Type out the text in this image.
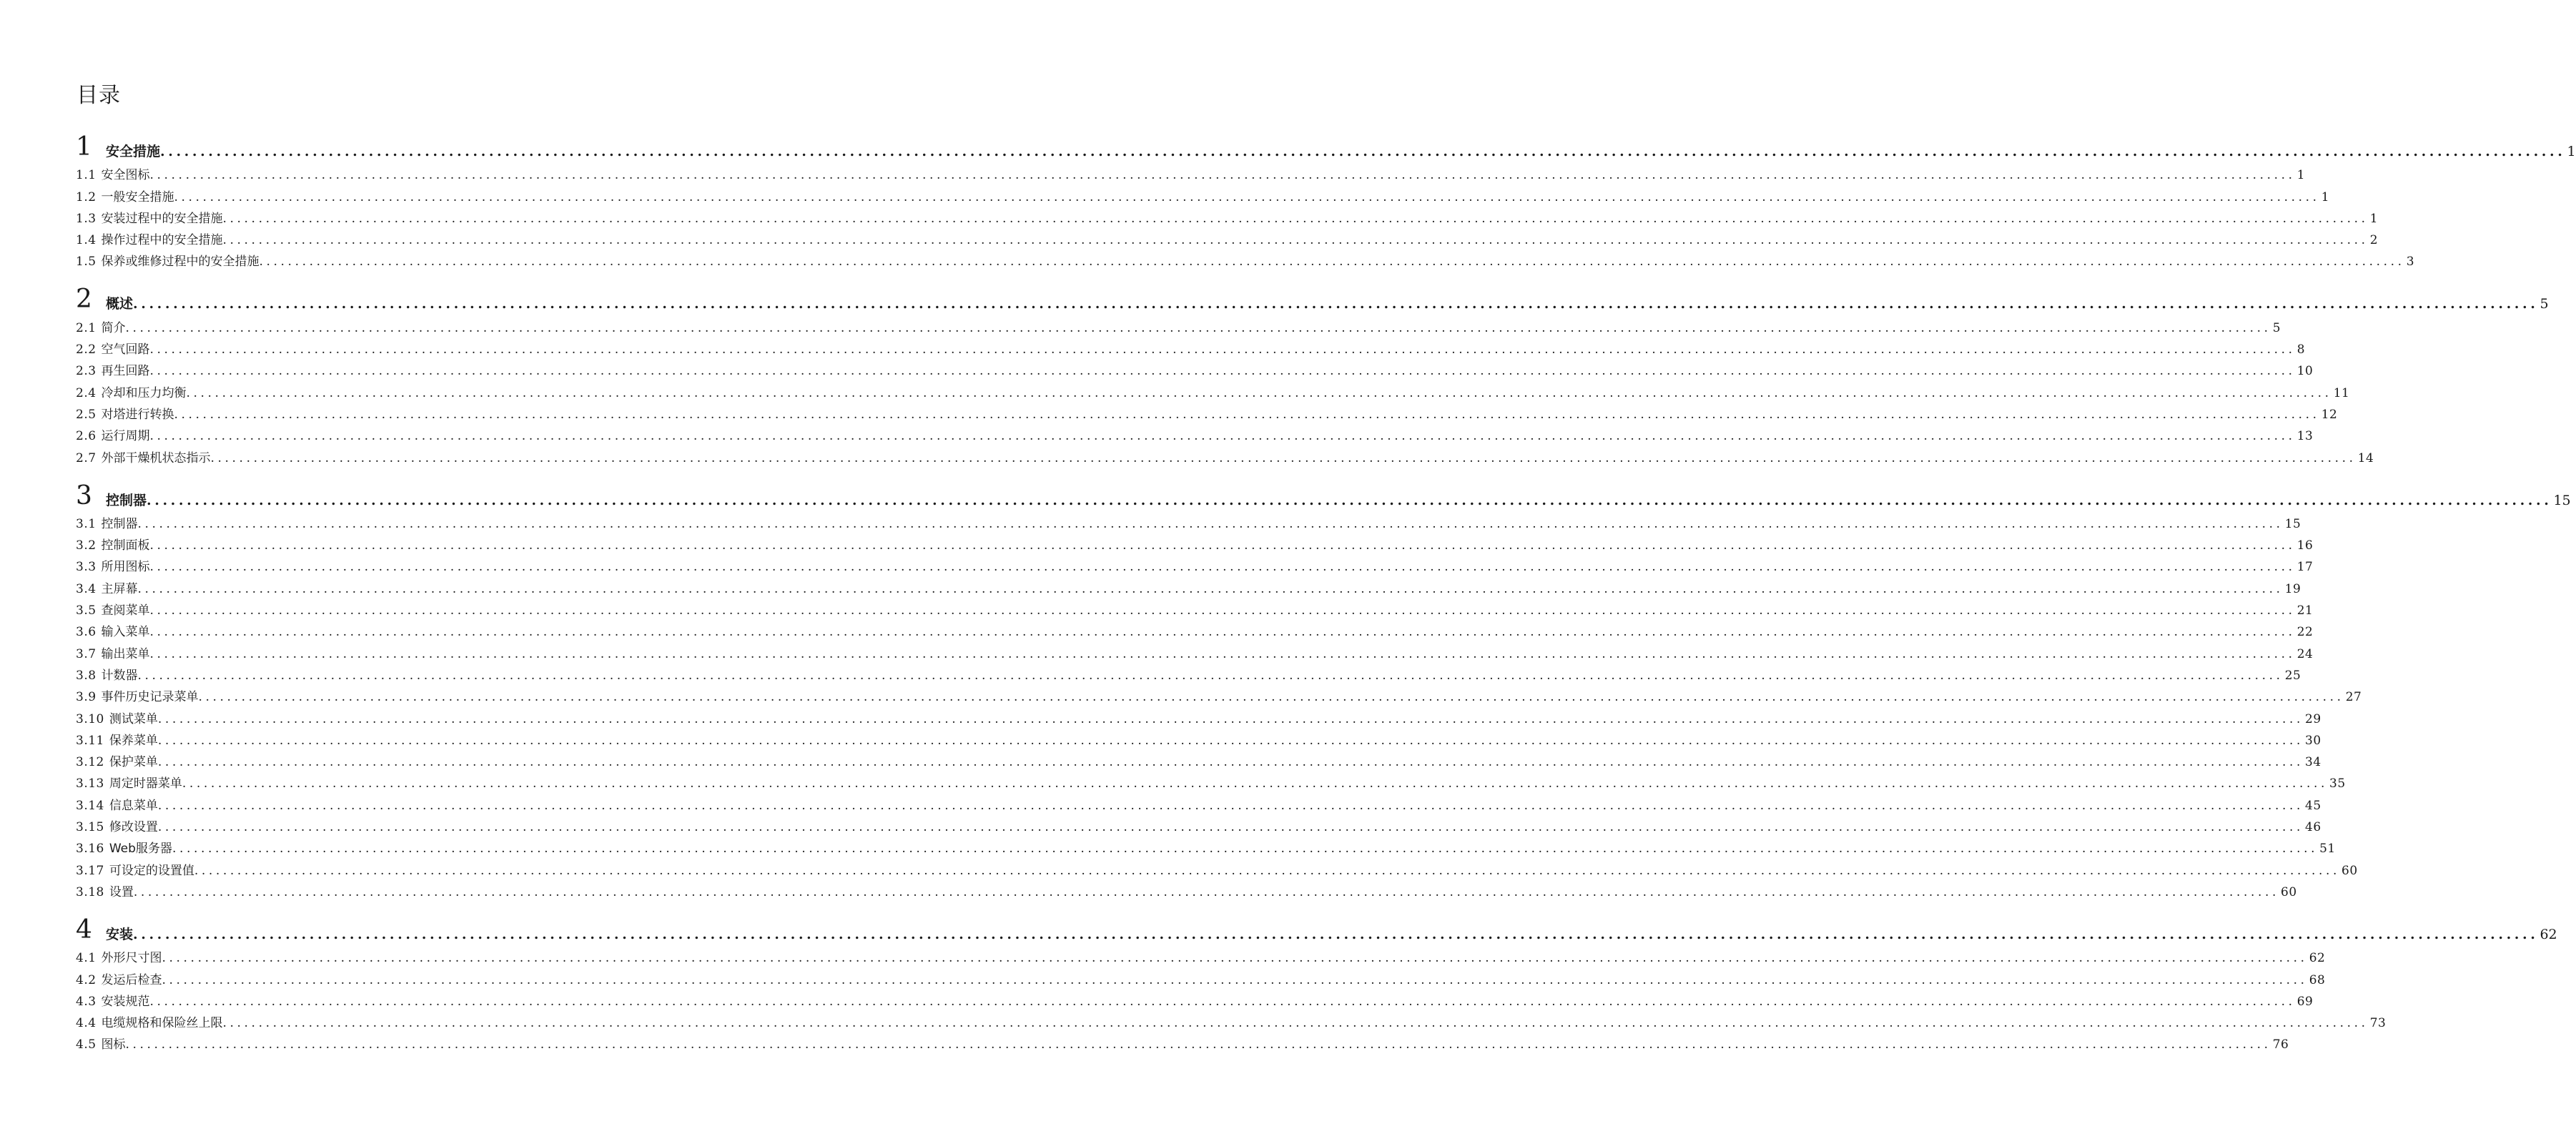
目录
1	安全措施 ............................................................................................................................................................................................................................................................................................................ 1
1.1 安全图标 ............................................................................................................................................................................................................................................................................................................ 1
1.2 一般安全措施 ............................................................................................................................................................................................................................................................................................................ 1
1.3 安装过程中的安全措施 ............................................................................................................................................................................................................................................................................................................ 1
1.4 操作过程中的安全措施 ............................................................................................................................................................................................................................................................................................................ 2
1.5 保养或维修过程中的安全措施 ............................................................................................................................................................................................................................................................................................................ 3
2	概述 ............................................................................................................................................................................................................................................................................................................ 5
2.1 简介 ............................................................................................................................................................................................................................................................................................................ 5
2.2 空气回路 ............................................................................................................................................................................................................................................................................................................ 8
2.3 再生回路 ............................................................................................................................................................................................................................................................................................................ 10
2.4 冷却和压力均衡 ............................................................................................................................................................................................................................................................................................................ 11
2.5 对塔进行转换 ............................................................................................................................................................................................................................................................................................................ 12
2.6 运行周期 ............................................................................................................................................................................................................................................................................................................ 13
2.7 外部干燥机状态指示 ............................................................................................................................................................................................................................................................................................................ 14
3	控制器 ............................................................................................................................................................................................................................................................................................................ 15
3.1 控制器 ............................................................................................................................................................................................................................................................................................................ 15
3.2 控制面板 ............................................................................................................................................................................................................................................................................................................ 16
3.3 所用图标 ............................................................................................................................................................................................................................................................................................................ 17
3.4 主屏幕 ............................................................................................................................................................................................................................................................................................................ 19
3.5 查阅菜单 ............................................................................................................................................................................................................................................................................................................ 21
3.6 输入菜单 ............................................................................................................................................................................................................................................................................................................ 22
3.7 输出菜单 ............................................................................................................................................................................................................................................................................................................ 24
3.8 计数器 ............................................................................................................................................................................................................................................................................................................ 25
3.9 事件历史记录菜单 ............................................................................................................................................................................................................................................................................................................ 27
3.10 测试菜单 ............................................................................................................................................................................................................................................................................................................ 29
3.11 保养菜单 ............................................................................................................................................................................................................................................................................................................ 30
3.12 保护菜单 ............................................................................................................................................................................................................................................................................................................ 34
3.13 周定时器菜单 ............................................................................................................................................................................................................................................................................................................ 35
3.14 信息菜单 ............................................................................................................................................................................................................................................................................................................ 45
3.15 修改设置 ............................................................................................................................................................................................................................................................................................................ 46
3.16 Web服务器 ............................................................................................................................................................................................................................................................................................................ 51
3.17 可设定的设置值 ............................................................................................................................................................................................................................................................................................................ 60
3.18 设置 ............................................................................................................................................................................................................................................................................................................ 60
4	安装 ............................................................................................................................................................................................................................................................................................................ 62
4.1 外形尺寸图 ............................................................................................................................................................................................................................................................................................................ 62
4.2 发运后检查 ............................................................................................................................................................................................................................................................................................................ 68
4.3 安装规范 ............................................................................................................................................................................................................................................................................................................ 69
4.4 电缆规格和保险丝上限 ............................................................................................................................................................................................................................................................................................................ 73
4.5 图标 ............................................................................................................................................................................................................................................................................................................ 76
